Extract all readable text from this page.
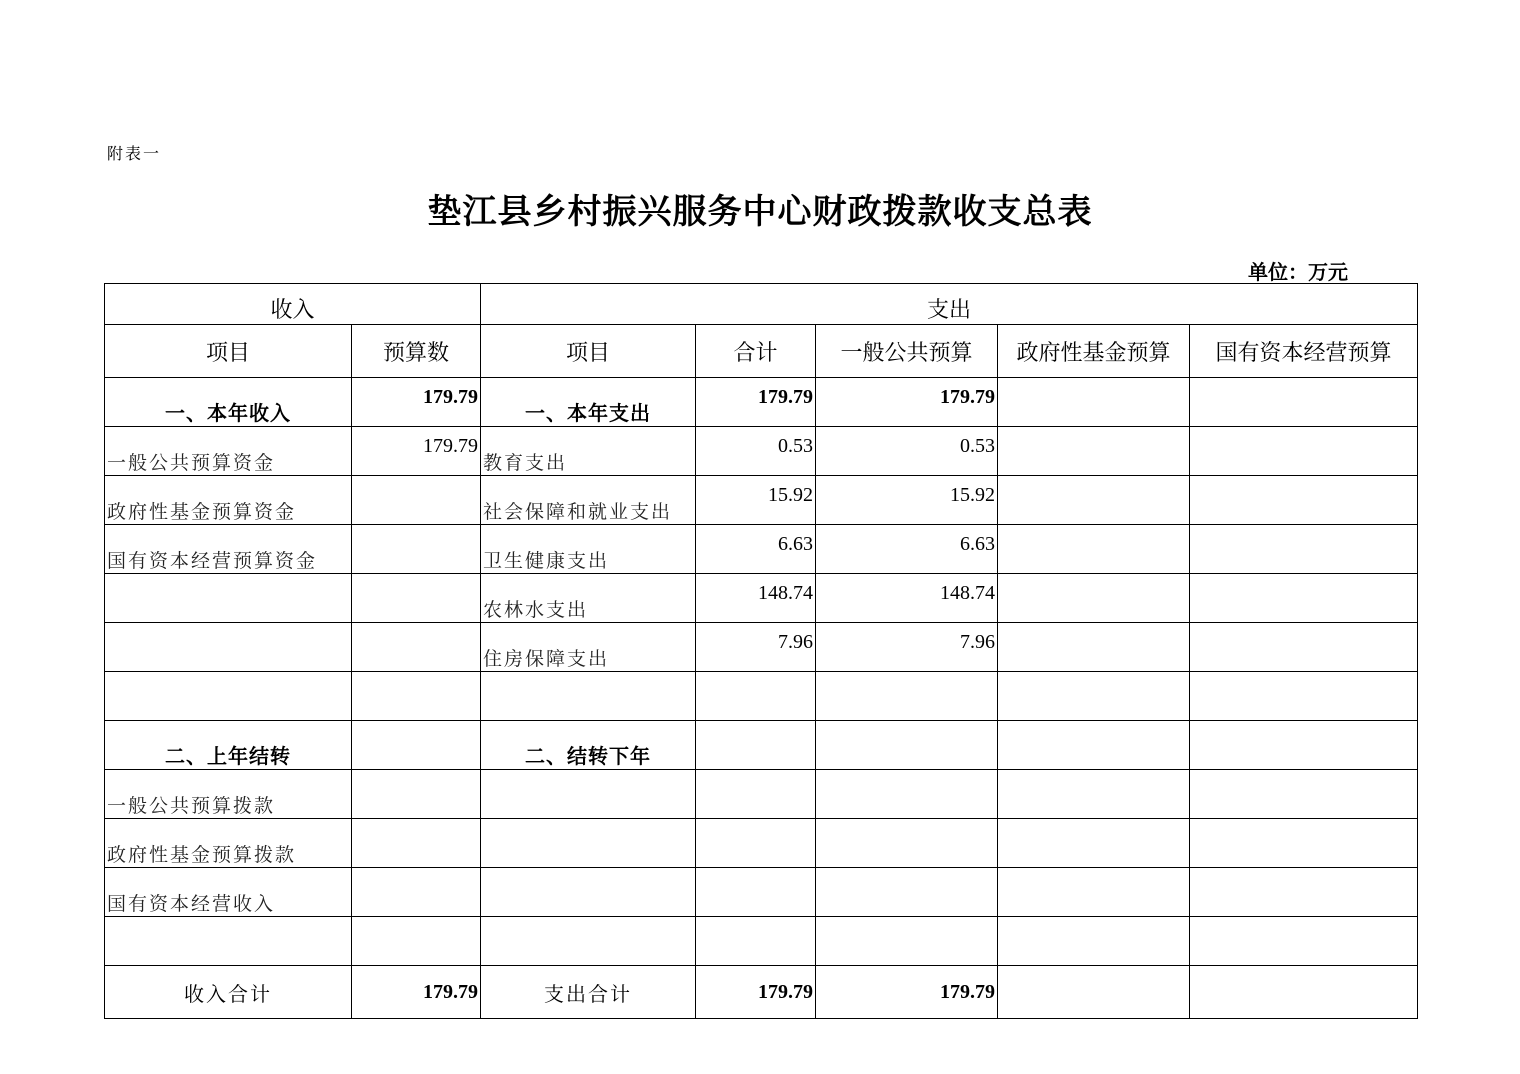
附表一
垫江县乡村振兴服务中心财政拨款收支总表
单位：万元
收入		支出				
项目	预算数	项目	合计	一般公共预算	政府性基金预算	国有资本经营预算
一、本年收入	179.79	一、本年支出	179.79	179.79		
一般公共预算资金	179.79	教育支出	0.53	0.53		
政府性基金预算资金		社会保障和就业支出	15.92	15.92		
国有资本经营预算资金		卫生健康支出	6.63	6.63		
		农林水支出	148.74	148.74		
		住房保障支出	7.96	7.96		

二、上年结转		二、结转下年				
一般公共预算拨款						
政府性基金预算拨款						
国有资本经营收入						

收入合计	179.79	支出合计	179.79	179.79		
